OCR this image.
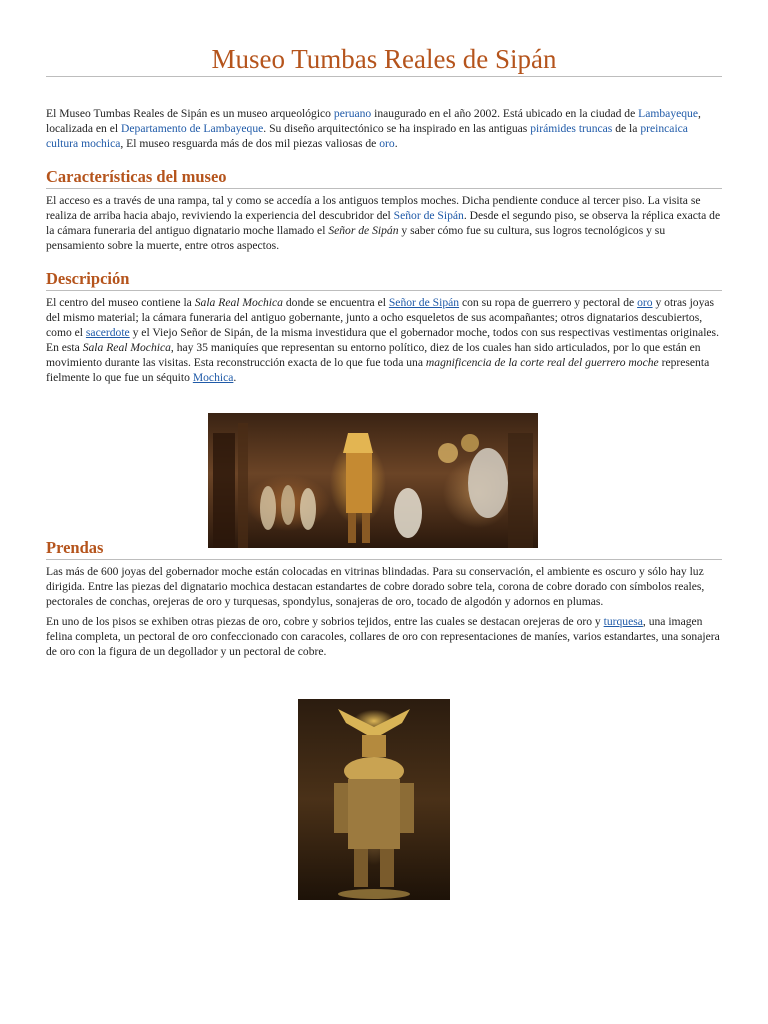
Museo Tumbas Reales de Sipán

El Museo Tumbas Reales de Sipán es un museo arqueológico peruano inaugurado en el año 2002. Está ubicado en la ciudad de Lambayeque, localizada en el Departamento de Lambayeque. Su diseño arquitectónico se ha inspirado en las antiguas pirámides truncas de la preincaica cultura mochica, El museo resguarda más de dos mil piezas valiosas de oro.

Características del museo

El acceso es a través de una rampa, tal y como se accedía a los antiguos templos moches. Dicha pendiente conduce al tercer piso. La visita se realiza de arriba hacia abajo, reviviendo la experiencia del descubridor del Señor de Sipán. Desde el segundo piso, se observa la réplica exacta de la cámara funeraria del antiguo dignatario moche llamado el Señor de Sipán y saber cómo fue su cultura, sus logros tecnológicos y su pensamiento sobre la muerte, entre otros aspectos.

Descripción

El centro del museo contiene la Sala Real Mochica donde se encuentra el Señor de Sipán con su ropa de guerrero y pectoral de oro y otras joyas del mismo material; la cámara funeraria del antiguo gobernante, junto a ocho esqueletos de sus acompañantes; otros dignatarios descubiertos, como el sacerdote y el Viejo Señor de Sipán, de la misma investidura que el gobernador moche, todos con sus respectivas vestimentas originales. En esta Sala Real Mochica, hay 35 maniquíes que representan su entorno político, diez de los cuales han sido articulados, por lo que están en movimiento durante las visitas. Esta reconstrucción exacta de lo que fue toda una magnificencia de la corte real del guerrero moche representa fielmente lo que fue un séquito Mochica.

Prendas

Las más de 600 joyas del gobernador moche están colocadas en vitrinas blindadas. Para su conservación, el ambiente es oscuro y sólo hay luz dirigida. Entre las piezas del dignatario mochica destacan estandartes de cobre dorado sobre tela, corona de cobre dorado con símbolos reales, pectorales de conchas, orejeras de oro y turquesas, spondylus, sonajeras de oro, tocado de algodón y adornos en plumas.

En uno de los pisos se exhiben otras piezas de oro, cobre y sobrios tejidos, entre las cuales se destacan orejeras de oro y turquesa, una imagen felina completa, un pectoral de oro confeccionado con caracoles, collares de oro con representaciones de maníes, varios estandartes, una sonajera de oro con la figura de un degollador y un pectoral de cobre.
